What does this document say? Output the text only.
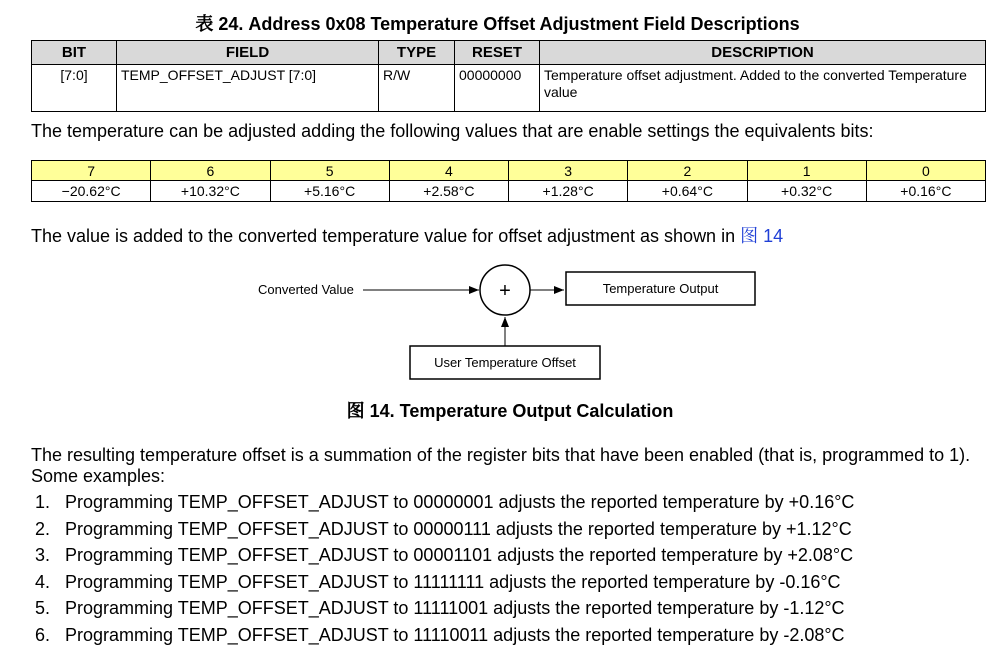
表 24. Address 0x08 Temperature Offset Adjustment Field Descriptions
BIT	FIELD	TYPE	RESET	DESCRIPTION
[7:0]	TEMP_OFFSET_ADJUST [7:0]	R/W	00000000	Temperature offset adjustment. Added to the converted Temperature value
The temperature can be adjusted adding the following values that are enable settings the equivalents bits:
7	6	5	4	3	2	1	0
−20.62°C	+10.32°C	+5.16°C	+2.58°C	+1.28°C	+0.64°C	+0.32°C	+0.16°C
The value is added to the converted temperature value for offset adjustment as shown in 图 14
Converted Value	+	Temperature Output
User Temperature Offset
图 14. Temperature Output Calculation
The resulting temperature offset is a summation of the register bits that have been enabled (that is, programmed to 1). Some examples:
1. Programming TEMP_OFFSET_ADJUST to 00000001 adjusts the reported temperature by +0.16°C
2. Programming TEMP_OFFSET_ADJUST to 00000111 adjusts the reported temperature by +1.12°C
3. Programming TEMP_OFFSET_ADJUST to 00001101 adjusts the reported temperature by +2.08°C
4. Programming TEMP_OFFSET_ADJUST to 11111111 adjusts the reported temperature by -0.16°C
5. Programming TEMP_OFFSET_ADJUST to 11111001 adjusts the reported temperature by -1.12°C
6. Programming TEMP_OFFSET_ADJUST to 11110011 adjusts the reported temperature by -2.08°C
